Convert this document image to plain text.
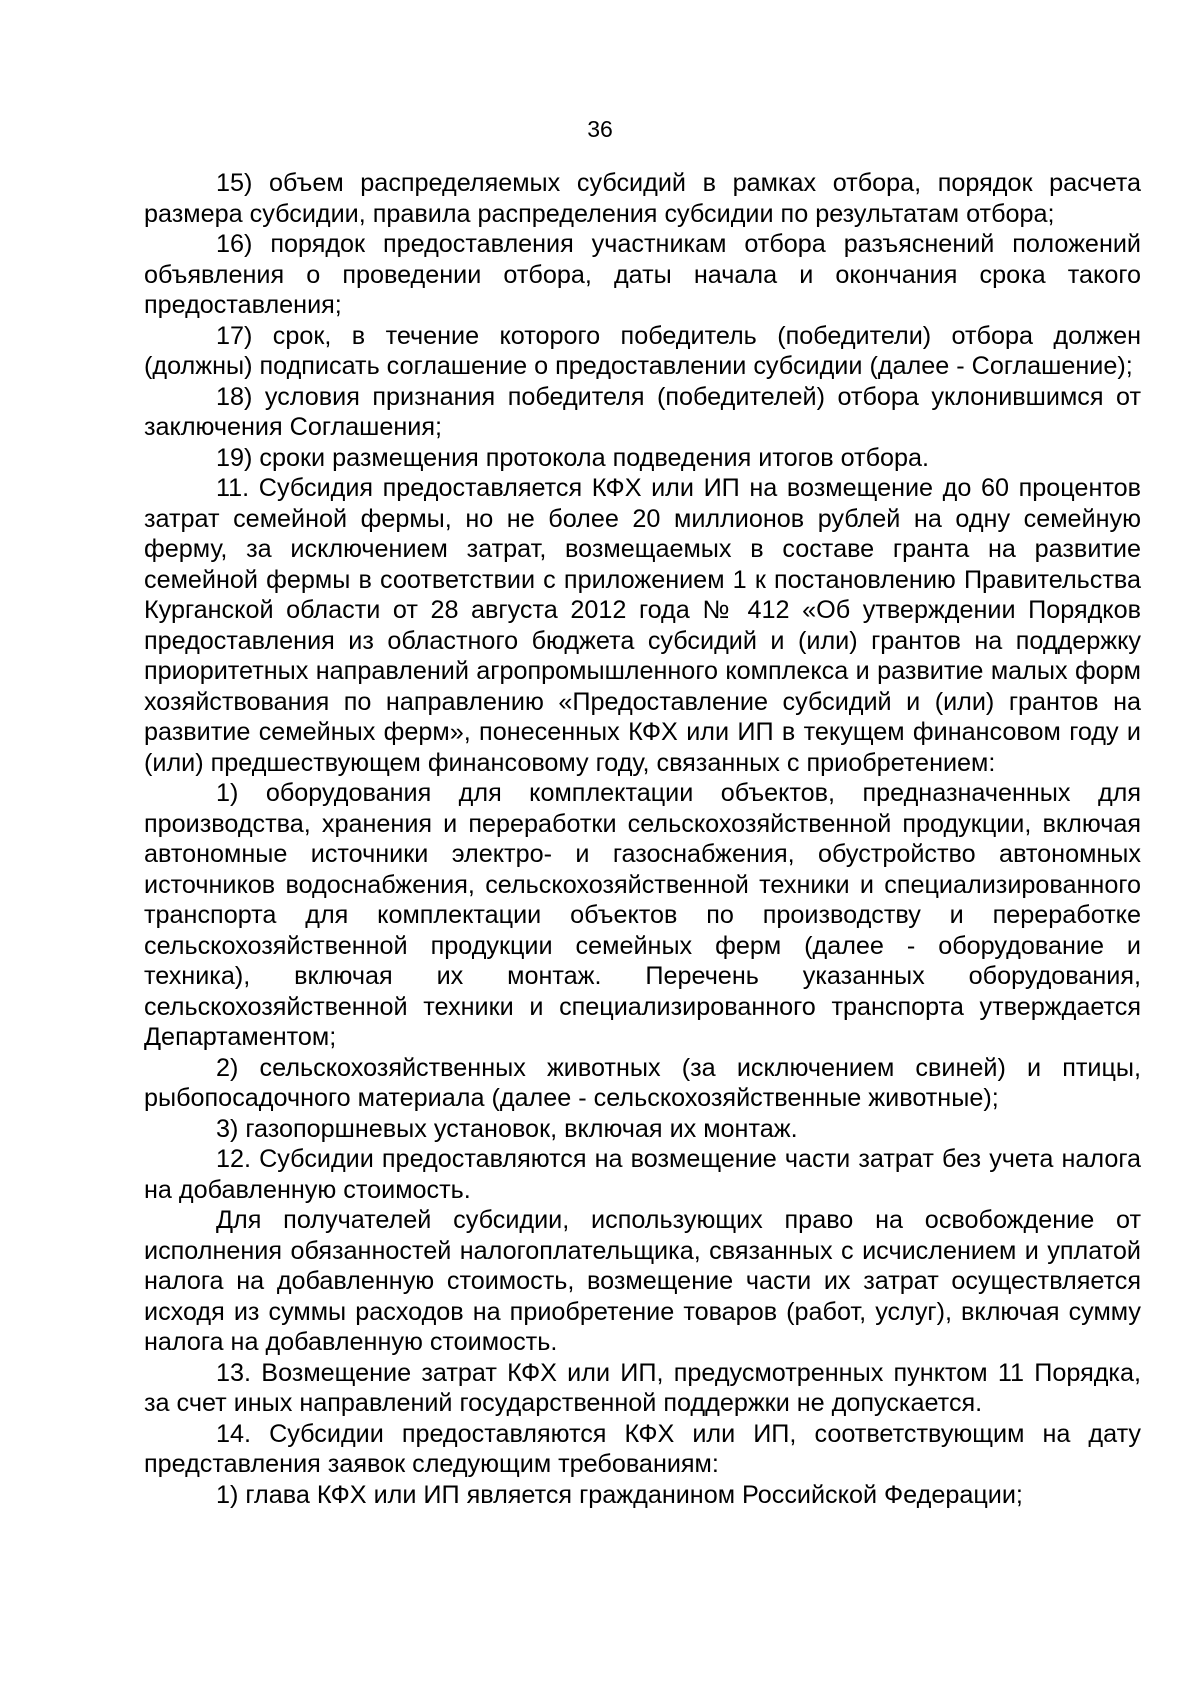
36

15) объем распределяемых субсидий в рамках отбора, порядок расчета размера субсидии, правила распределения субсидии по результатам отбора;

16) порядок предоставления участникам отбора разъяснений положений объявления о проведении отбора, даты начала и окончания срока такого предоставления;

17) срок, в течение которого победитель (победители) отбора должен (должны) подписать соглашение о предоставлении субсидии (далее - Соглашение);

18) условия признания победителя (победителей) отбора уклонившимся от заключения Соглашения;

19) сроки размещения протокола подведения итогов отбора.

11. Субсидия предоставляется КФХ или ИП на возмещение до 60 процентов затрат семейной фермы, но не более 20 миллионов рублей на одну семейную ферму, за исключением затрат, возмещаемых в составе гранта на развитие семейной фермы в соответствии с приложением 1 к постановлению Правительства Курганской области от 28 августа 2012 года № 412 «Об утверждении Порядков предоставления из областного бюджета субсидий и (или) грантов на поддержку приоритетных направлений агропромышленного комплекса и развитие малых форм хозяйствования по направлению «Предоставление субсидий и (или) грантов на развитие семейных ферм», понесенных КФХ или ИП в текущем финансовом году и (или) предшествующем финансовому году, связанных с приобретением:

1) оборудования для комплектации объектов, предназначенных для производства, хранения и переработки сельскохозяйственной продукции, включая автономные источники электро- и газоснабжения, обустройство автономных источников водоснабжения, сельскохозяйственной техники и специализированного транспорта для комплектации объектов по производству и переработке сельскохозяйственной продукции семейных ферм (далее - оборудование и техника), включая их монтаж. Перечень указанных оборудования, сельскохозяйственной техники и специализированного транспорта утверждается Департаментом;

2) сельскохозяйственных животных (за исключением свиней) и птицы, рыбопосадочного материала (далее - сельскохозяйственные животные);

3) газопоршневых установок, включая их монтаж.

12. Субсидии предоставляются на возмещение части затрат без учета налога на добавленную стоимость.

Для получателей субсидии, использующих право на освобождение от исполнения обязанностей налогоплательщика, связанных с исчислением и уплатой налога на добавленную стоимость, возмещение части их затрат осуществляется исходя из суммы расходов на приобретение товаров (работ, услуг), включая сумму налога на добавленную стоимость.

13. Возмещение затрат КФХ или ИП, предусмотренных пунктом 11 Порядка, за счет иных направлений государственной поддержки не допускается.

14. Субсидии предоставляются КФХ или ИП, соответствующим на дату представления заявок следующим требованиям:

1) глава КФХ или ИП является гражданином Российской Федерации;
